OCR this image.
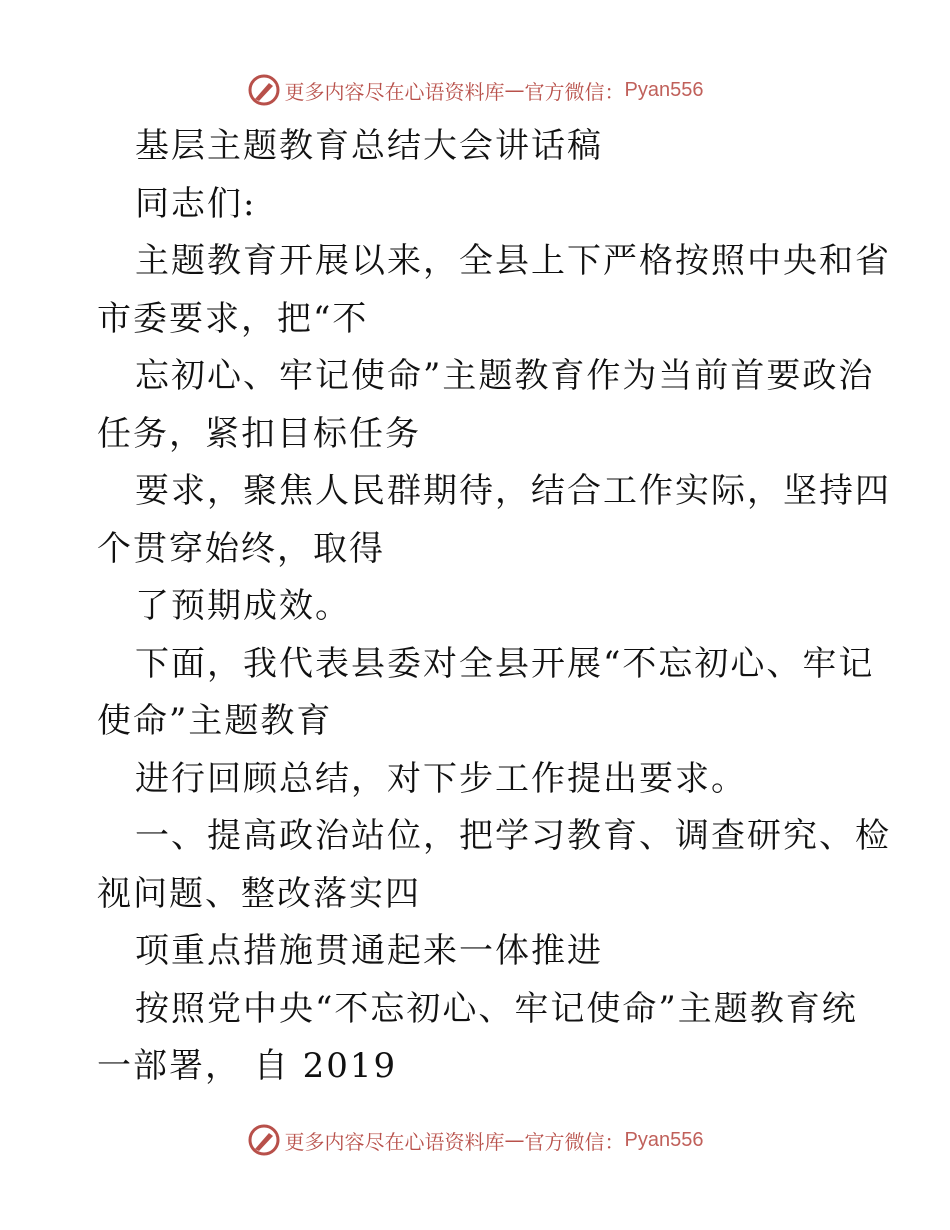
更多内容尽在心语资料库 — 官方微信： Pyan556
基层主题教育总结大会讲话稿
同志们:
主题教育开展以来，全县上下严格按照中央和省
市委要求，把“不
忘初心、牢记使命”主题教育作为当前首要政治
任务，紧扣目标任务
要求，聚焦人民群期待，结合工作实际，坚持四
个贯穿始终，取得
了预期成效。
下面，我代表县委对全县开展“不忘初心、牢记
使命”主题教育
进行回顾总结，对下步工作提出要求。
一、提高政治站位，把学习教育、调查研究、检
视问题、整改落实四
项重点措施贯通起来一体推进
按照党中央“不忘初心、牢记使命”主题教育统
一部署， 自 2019
更多内容尽在心语资料库 — 官方微信： Pyan556
